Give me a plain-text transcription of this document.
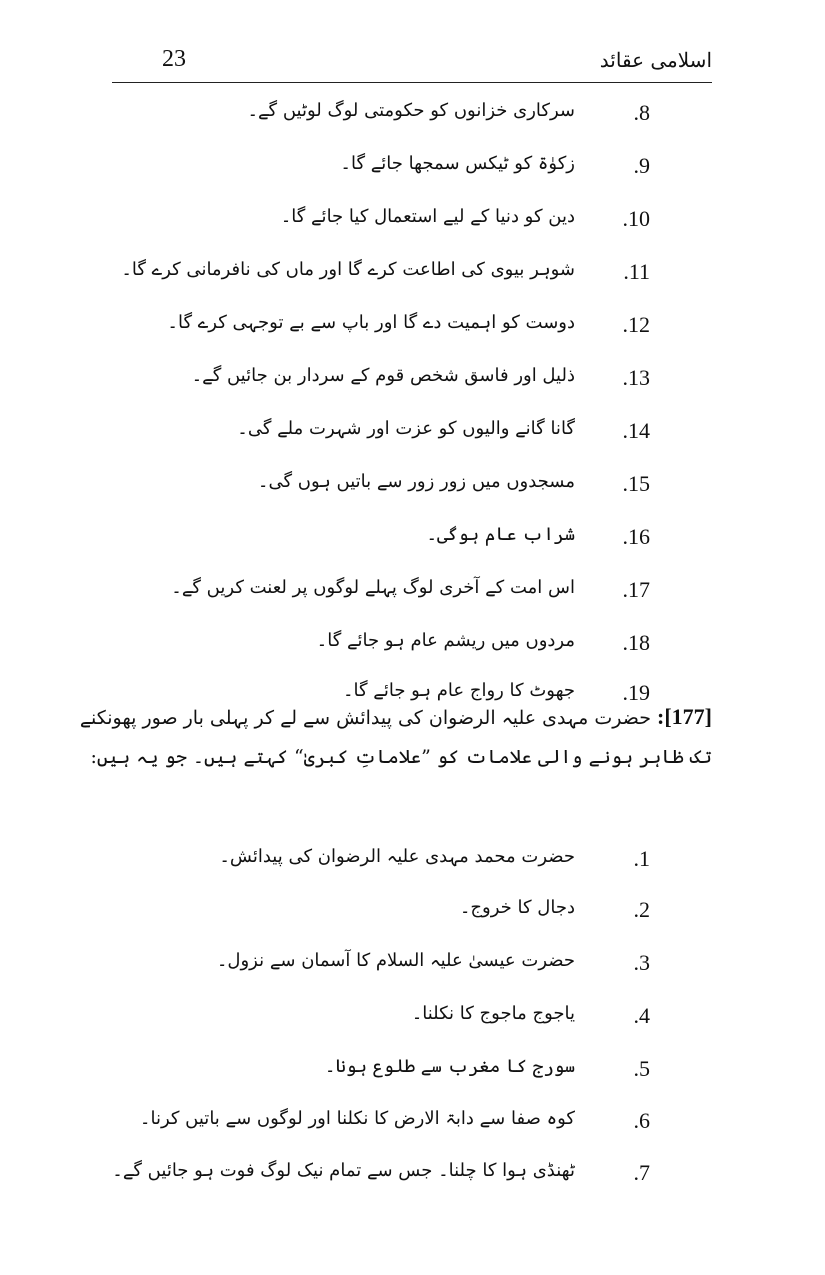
23	اسلامی عقائد
.8
سرکاری خزانوں کو حکومتی لوگ لوٹیں گے۔
.9
زکوٰۃ کو ٹیکس سمجھا جائے گا۔
.10
دین کو دنیا کے لیے استعمال کیا جائے گا۔
.11
شوہر بیوی کی اطاعت کرے گا اور ماں کی نافرمانی کرے گا۔
.12
دوست کو اہمیت دے گا اور باپ سے بے توجہی کرے گا۔
.13
ذلیل اور فاسق شخص قوم کے سردار بن جائیں گے۔
.14
گانا گانے والیوں کو عزت اور شہرت ملے گی۔
.15
مسجدوں میں زور زور سے باتیں ہوں گی۔
.16
شراب عام ہوگی۔
.17
اس امت کے آخری لوگ پہلے لوگوں پر لعنت کریں گے۔
.18
مردوں میں ریشم عام ہو جائے گا۔
.19
جھوٹ کا رواج عام ہو جائے گا۔
[177]: حضرت مہدی علیہ الرضوان کی پیدائش سے لے کر پہلی بار صور پھونکنے
تک ظاہر ہونے والی علامات کو ”علاماتِ کبریٰ“ کہتے ہیں۔ جو یہ ہیں:
.1
حضرت محمد مہدی علیہ الرضوان کی پیدائش۔
.2
دجال کا خروج۔
.3
حضرت عیسیٰ علیہ السلام کا آسمان سے نزول۔
.4
یاجوج ماجوج کا نکلنا۔
.5
سورج کا مغرب سے طلوع ہونا۔
.6
کوہ صفا سے دابۃ الارض کا نکلنا اور لوگوں سے باتیں کرنا۔
.7
ٹھنڈی ہوا کا چلنا۔ جس سے تمام نیک لوگ فوت ہو جائیں گے۔
